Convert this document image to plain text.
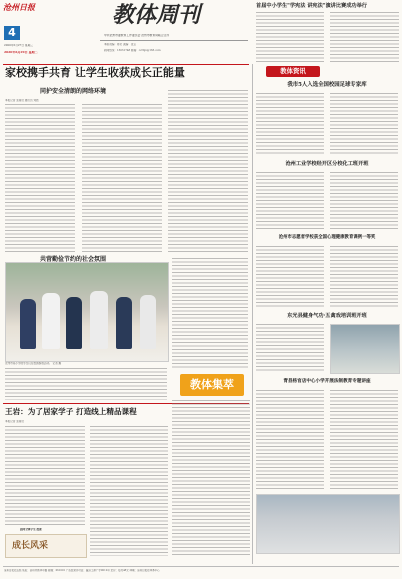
沧州日报
4
2020年5月27日 星期三
2020年6月29日 星期二
教体周刊
中共沧州市委教育工作委员会 沧州市教育局联合主办
本版责编：蒋宏 美编：张宝
新闻热线：13031748 邮箱：czrbjx@163.com
首届中小学生"学宪法 讲宪法"演讲比赛成功举行
家校携手共育 让学生收获成长正能量
同护安全清朗的网络环境
本报记者 张星辰 通讯员 刘晨
共营勤俭节约的社会氛围
沧州市某小学的学生们在校园参加活动。 记者 摄
教体集萃
教体资讯
我市5人入选全国校园足球专家库
沧州工业学校经开区分校化工班开班
沧州市志愿者学校获全国心理健康教育课例一等奖
东光县健身气功·五禽戏培训班开班
青县杨官店中心小学开展法制教育专题讲座
王岩：为了居家学子 打造线上精品课程
本报记者 张星辰
面向全体学生 授课
成长风采
沧州日报社出版 地址：沧州市新华中路 邮编：061001 广告经营许可证：冀沧工商广字0012号 定价：每月48元 印刷：沧州日报社印务中心
